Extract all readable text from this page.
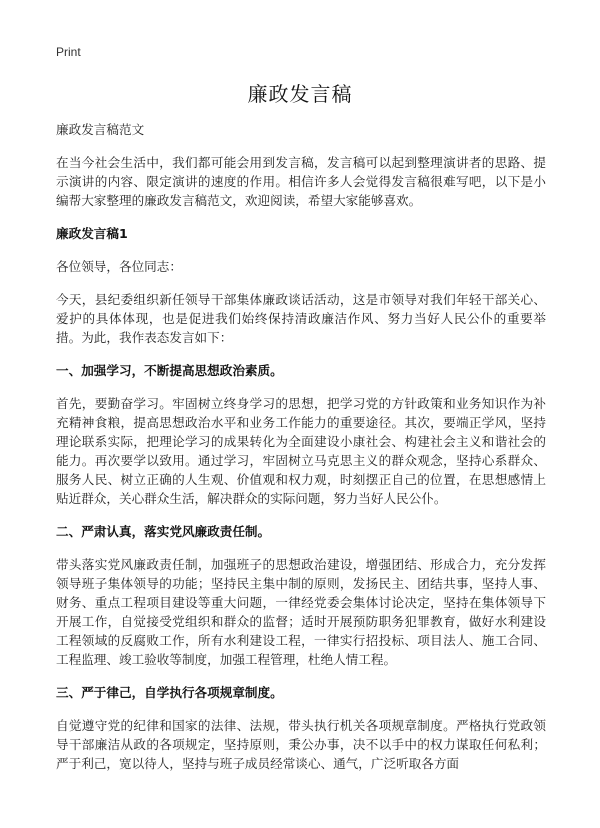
Print
廉政发言稿

廉政发言稿范文

在当今社会生活中，我们都可能会用到发言稿，发言稿可以起到整理演讲者的思路、提示演讲的内容、限定演讲的速度的作用。相信许多人会觉得发言稿很难写吧，以下是小编帮大家整理的廉政发言稿范文，欢迎阅读，希望大家能够喜欢。

廉政发言稿1

各位领导，各位同志：

今天，县纪委组织新任领导干部集体廉政谈话活动，这是市领导对我们年轻干部关心、爱护的具体体现，也是促进我们始终保持清政廉洁作风、努力当好人民公仆的重要举措。为此，我作表态发言如下：

一、加强学习，不断提高思想政治素质。

首先，要勤奋学习。牢固树立终身学习的思想，把学习党的方针政策和业务知识作为补充精神食粮，提高思想政治水平和业务工作能力的重要途径。其次，要端正学风，坚持理论联系实际，把理论学习的成果转化为全面建设小康社会、构建社会主义和谐社会的能力。再次要学以致用。通过学习，牢固树立马克思主义的群众观念，坚持心系群众、服务人民、树立正确的人生观、价值观和权力观，时刻摆正自己的位置，在思想感情上贴近群众，关心群众生活，解决群众的实际问题，努力当好人民公仆。

二、严肃认真，落实党风廉政责任制。

带头落实党风廉政责任制，加强班子的思想政治建设，增强团结、形成合力，充分发挥领导班子集体领导的功能；坚持民主集中制的原则，发扬民主、团结共事，坚持人事、财务、重点工程项目建设等重大问题，一律经党委会集体讨论决定，坚持在集体领导下开展工作，自觉接受党组织和群众的监督；适时开展预防职务犯罪教育，做好水利建设工程领域的反腐败工作，所有水利建设工程，一律实行招投标、项目法人、施工合同、工程监理、竣工验收等制度，加强工程管理，杜绝人情工程。

三、严于律己，自学执行各项规章制度。

自觉遵守党的纪律和国家的法律、法规，带头执行机关各项规章制度。严格执行党政领导干部廉洁从政的各项规定，坚持原则，秉公办事，决不以手中的权力谋取任何私利；严于利己，宽以待人，坚持与班子成员经常谈心、通气，广泛听取各方面
